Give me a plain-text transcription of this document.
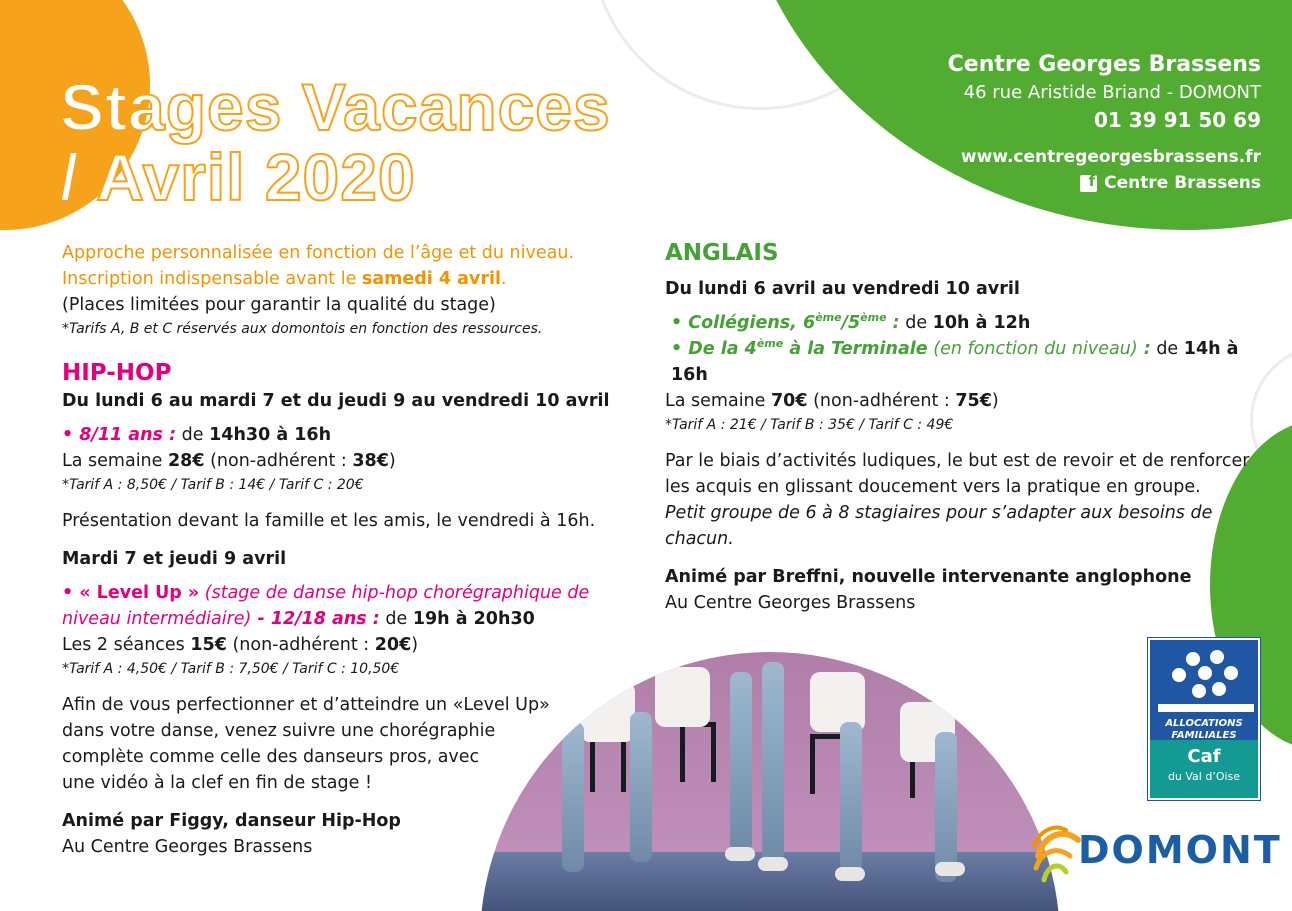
Stages Vacances
/ Avril 2020
Centre Georges Brassens
46 rue Aristide Briand - DOMONT
01 39 91 50 69
www.centregeorgesbrassens.fr
f
Centre Brassens
Approche personnalisée en fonction de l’âge et du niveau.
Inscription indispensable avant le samedi 4 avril.
(Places limitées pour garantir la qualité du stage)
*Tarifs A, B et C réservés aux domontois en fonction des ressources.
HIP-HOP
Du lundi 6 au mardi 7 et du jeudi 9 au vendredi 10 avril
• 8/11 ans : de 14h30 à 16h
La semaine 28€ (non-adhérent : 38€)
*Tarif A : 8,50€ / Tarif B : 14€ / Tarif C : 20€
Présentation devant la famille et les amis, le vendredi à 16h.
Mardi 7 et jeudi 9 avril
• « Level Up » (stage de danse hip-hop chorégraphique de niveau intermédiaire) - 12/18 ans : de 19h à 20h30
Les 2 séances 15€ (non-adhérent : 20€)
*Tarif A : 4,50€ / Tarif B : 7,50€ / Tarif C : 10,50€
Afin de vous perfectionner et d’atteindre un «Level Up»
dans votre danse, venez suivre une chorégraphie
complète comme celle des danseurs pros, avec
une vidéo à la clef en fin de stage !
Animé par Figgy, danseur Hip-Hop
Au Centre Georges Brassens
ANGLAIS
Du lundi 6 avril au vendredi 10 avril
• Collégiens, 6ème/5ème : de 10h à 12h
• De la 4ème à la Terminale (en fonction du niveau) : de 14h à 16h
La semaine 70€ (non-adhérent : 75€)
*Tarif A : 21€ / Tarif B : 35€ / Tarif C : 49€
Par le biais d’activités ludiques, le but est de revoir et de renforcer les acquis en glissant doucement vers la pratique en groupe.
Petit groupe de 6 à 8 stagiaires pour s’adapter aux besoins de chacun.
Animé par Breffni, nouvelle intervenante anglophone
Au Centre Georges Brassens
ALLOCATIONS
FAMILIALES
Caf
du Val d’Oise
DOMONT
